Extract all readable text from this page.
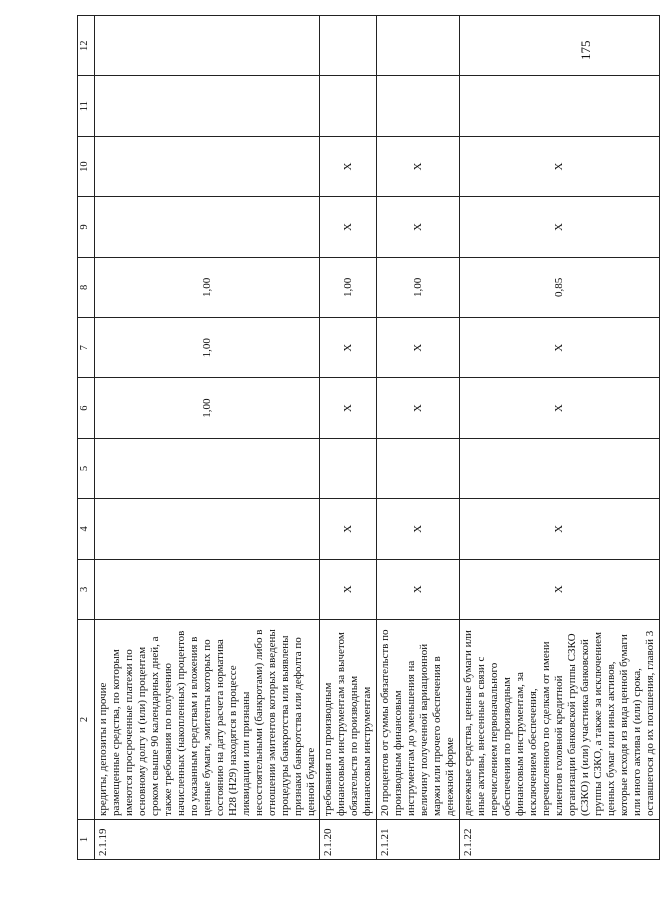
175
1	2	3	4	5	6	7	8	9	10	11	12
2.1.19	кредиты, депозиты и прочие размещенные средства, по которым имеются просроченные платежи по основному долгу и (или) процентам сроком свыше 90 календарных дней, а также требования по получению начисленных (накопленных) процентов по указанным средствам и вложения в ценные бумаги, эмитенты которых по состоянию на дату расчета норматива Н28 (Н29) находятся в процессе ликвидации или признаны несостоятельными (банкротами) либо в отношении эмитентов которых введены процедуры банкротства или выявлены признаки банкротства или дефолта по ценной бумаге				1,00	1,00	1,00				
2.1.20	требования по производным финансовым инструментам за вычетом обязательств по производным финансовым инструментам	X	X		X	X	1,00	X	X		
2.1.21	20 процентов от суммы обязательств по производным финансовым инструментам до уменьшения на величину полученной вариационной маржи или прочего обеспечения в денежной форме	X	X		X	X	1,00	X	X		
2.1.22	денежные средства, ценные бумаги или иные активы, внесенные в связи с перечислением первоначального обеспечения по производным финансовым инструментам, за исключением обеспечения, перечисленного по сделкам от имени клиентов головной кредитной организации банковской группы СЗКО (СЗКО) и (или) участника банковской группы СЗКО, а также за исключением ценных бумаг или иных активов, которые исходя из вида ценной бумаги или иного актива и (или) срока, оставшегося до их погашения, главой 3	X	X		X	X	0,85	X	X		
